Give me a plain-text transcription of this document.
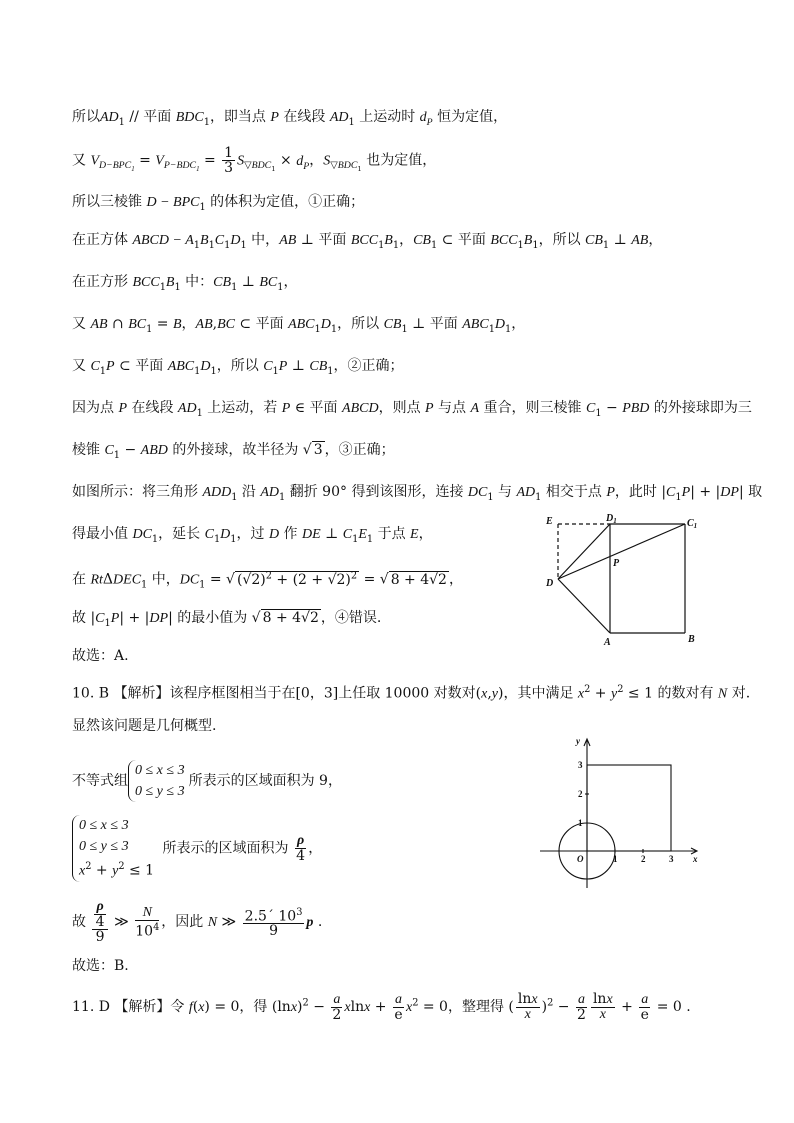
所以$AD_1$ // 平面 $BDC_1$，即当点 P 在线段 $AD_1$ 上运动时 $d_P$ 恒为定值，
又 $V_{D-BPC_1} = V_{P-BDC_1} = \frac{1}{3} S_{▽BDC_1} \times d_P$，$S_{▽BDC_1}$ 也为定值，
所以三棱锥 $D - BPC_1$ 的体积为定值，①正确；
在正方体 ABCD − $A_1B_1C_1D_1$ 中，AB ⊥ 平面 $BCC_1B_1$，$CB_1$ ⊂ 平面 $BCC_1B_1$，所以 $CB_1$ ⊥ AB，
在正方形 $BCC_1B_1$ 中：$CB_1$ ⊥ $BC_1$，
又 AB ∩ $BC_1 = B$，AB,BC ⊂ 平面 $ABC_1D_1$，所以 $CB_1$ ⊥ 平面 $ABC_1D_1$，
又 $C_1P$ ⊂ 平面 $ABC_1D_1$，所以 $C_1P$ ⊥ $CB_1$，②正确；
因为点 P 在线段 $AD_1$ 上运动，若 P ∈ 平面 ABCD，则点 P 与点 A 重合，则三棱锥 $C_1$ − PBD 的外接球即为三
棱锥 $C_1$ − ABD 的外接球，故半径为 √ 3 ，③正确；
如图所示：将三角形 $ADD_1$ 沿 $AD_1$ 翻折 90° 得到该图形，连接 $DC_1$ 与 $AD_1$ 相交于点 P，此时 $|C_1P| + |DP|$ 取
得最小值 $DC_1$，延长 $C_1D_1$，过 D 作 DE ⊥ $C_1E_1$ 于点 E，
在 RtΔDEC$_1$ 中，$DC_1$ = √ $(√2)^2 + (2 + √2)^2$ = √ 8 + 4√2 ，
故 $|C_1P| + |DP|$ 的最小值为 √ 8 + 4√2 ，④错误.
故选：A.
10. B 【解析】该程序框图相当于在[0，3]上任取 10000 对数对(x,y)，其中满足 $x^2 + y^2 \le 1$ 的数对有 N 对.
显然该问题是几何概型.
不等式组0 ≤ x ≤ 3
0 ≤ y ≤ 3所表示的区域面积为 9，
0 ≤ x ≤ 3
0 ≤ y ≤ 3
$x^2 + y^2 \le 1$ 所表示的区域面积为 $\frac{\rho}{4}$ ，
故 $\frac{\frac{\rho}{4}}{9}$ ≫ $\frac{N}{10^4}$ ，因此 N ≫ $\frac{2.5´ 10^3}{9}$ p .
故选：B.
11. D 【解析】令 f(x) = 0，得 $(\ln x)^2 - \frac{a}{2}$ $xlnx + \frac{a}{e} x^2 = 0$，整理得 ( $\frac{\ln x}{x} )^2 - \frac{a}{2} \frac{\ln x}{x} + \frac{a}{e} = 0$ .
E	$D_1$	$C_1$
P
D
A	B
y
x
O	1	2	3
1
2
3
